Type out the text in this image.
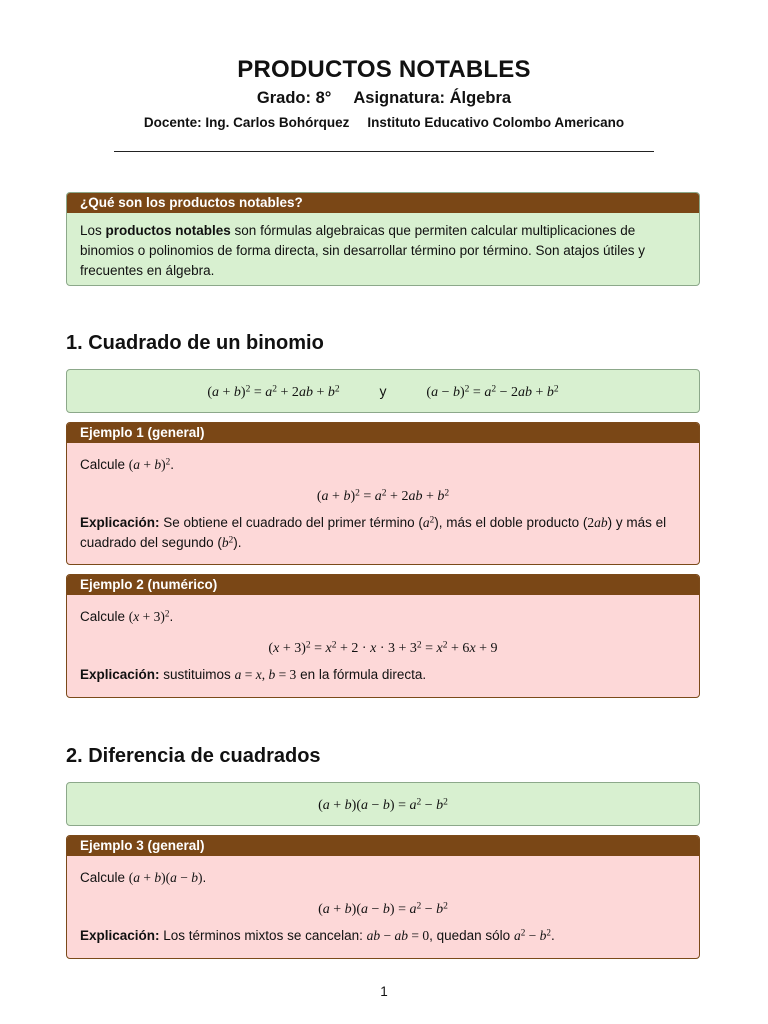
PRODUCTOS NOTABLES
Grado: 8° Asignatura: Álgebra
Docente: Ing. Carlos Bohórquez Instituto Educativo Colombo Americano
¿Qué son los productos notables?
Los productos notables son fórmulas algebraicas que permiten calcular multiplicaciones de binomios o polinomios de forma directa, sin desarrollar término por término. Son atajos útiles y frecuentes en álgebra.
1. Cuadrado de un binomio
$(a + b)^2 = a^2 + 2ab + b^2$	y	$(a - b)^2 = a^2 - 2ab + b^2$
Ejemplo 1 (general)
Calcule $(a + b)^2$.
$(a + b)^2 = a^2 + 2ab + b^2$
Explicación: Se obtiene el cuadrado del primer término $(a^2)$, más el doble producto (2ab) y más el cuadrado del segundo $(b^2)$.
Ejemplo 2 (numérico)
Calcule $(x + 3)^2$.
$(x + 3)^2 = x^2 + 2 \cdot x \cdot 3 + 3^2 = x^2 + 6x + 9$
Explicación: sustituimos a = x, b = 3 en la fórmula directa.
2. Diferencia de cuadrados
$(a + b)(a - b) = a^2 - b^2$
Ejemplo 3 (general)
Calcule (a + b)(a − b).
$(a + b)(a - b) = a^2 - b^2$
Explicación: Los términos mixtos se cancelan: ab − ab = 0, quedan sólo $a^2 - b^2$.
1
